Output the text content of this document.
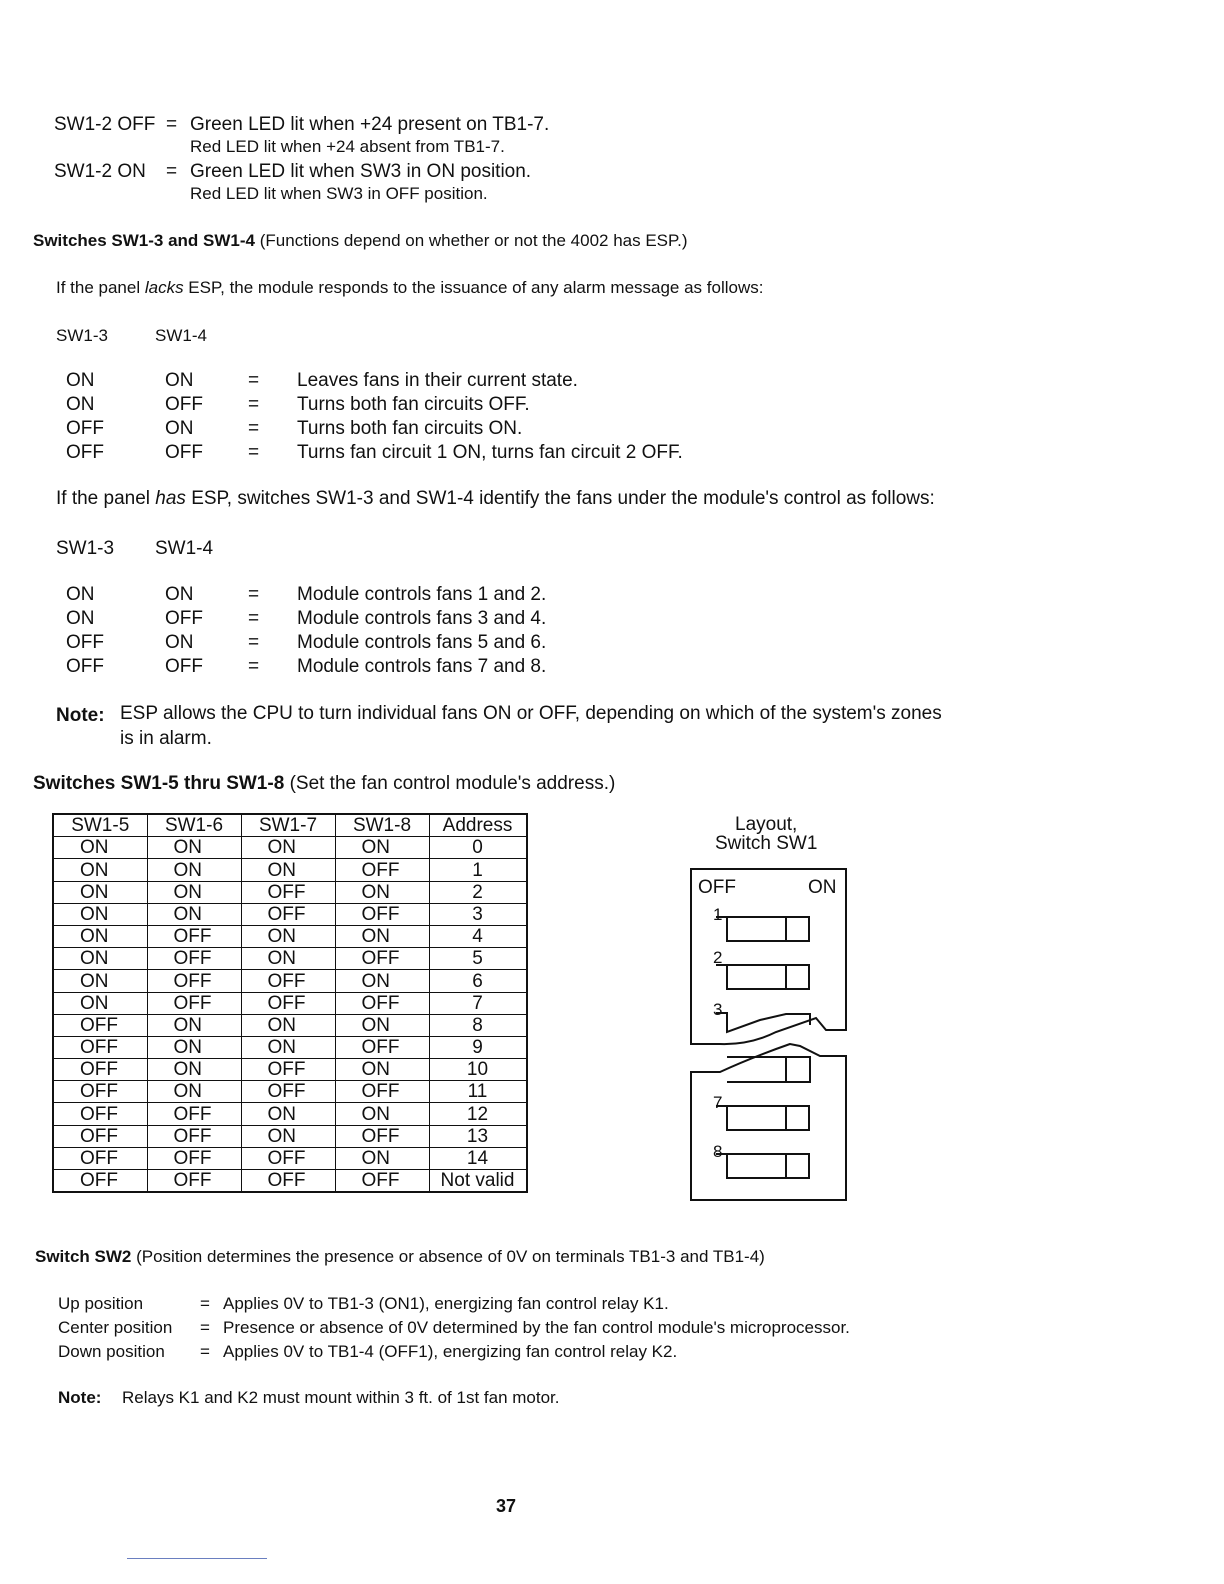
SW1-2 OFF = Green LED lit when +24 present on TB1-7.
Red LED lit when +24 absent from TB1-7.
SW1-2 ON = Green LED lit when SW3 in ON position.
Red LED lit when SW3 in OFF position.
Switches SW1-3 and SW1-4 (Functions depend on whether or not the 4002 has ESP.)
If the panel lacks ESP, the module responds to the issuance of any alarm message as follows:
SW1-3	SW1-4
ON	ON	= Leaves fans in their current state.
ON	OFF = Turns both fan circuits OFF.
OFF	ON	= Turns both fan circuits ON.
OFF	OFF = Turns fan circuit 1 ON, turns fan circuit 2 OFF.
If the panel has ESP, switches SW1-3 and SW1-4 identify the fans under the module's control as follows:
SW1-3 SW1-4
ON	ON	= Module controls fans 1 and 2.
ON	OFF = Module controls fans 3 and 4.
OFF	ON	= Module controls fans 5 and 6.
OFF	OFF = Module controls fans 7 and 8.
Note: ESP allows the CPU to turn individual fans ON or OFF, depending on which of the system's zones
is in alarm.
Switches SW1-5 thru SW1-8 (Set the fan control module's address.)
SW1-5	SW1-6	SW1-7	SW1-8	Address
ON	ON	ON	ON	0
ON	ON	ON	OFF	1
ON	ON	OFF	ON	2
ON	ON	OFF	OFF	3
ON	OFF	ON	ON	4
ON	OFF	ON	OFF	5
ON	OFF	OFF	ON	6
ON	OFF	OFF	OFF	7
OFF	ON	ON	ON	8
OFF	ON	ON	OFF	9
OFF	ON	OFF	ON	10
OFF	ON	OFF	OFF	11
OFF	OFF	ON	ON	12
OFF	OFF	ON	OFF	13
OFF	OFF	OFF	ON	14
OFF	OFF	OFF	OFF	Not valid
Layout,
Switch SW1
OFF	ON
1
2
3
7
8
Switch SW2 (Position determines the presence or absence of 0V on terminals TB1-3 and TB1-4)
Up position	= Applies 0V to TB1-3 (ON1), energizing fan control relay K1.
Center position = Presence or absence of 0V determined by the fan control module's microprocessor.
Down position = Applies 0V to TB1-4 (OFF1), energizing fan control relay K2.
Note: Relays K1 and K2 must mount within 3 ft. of 1st fan motor.
37
